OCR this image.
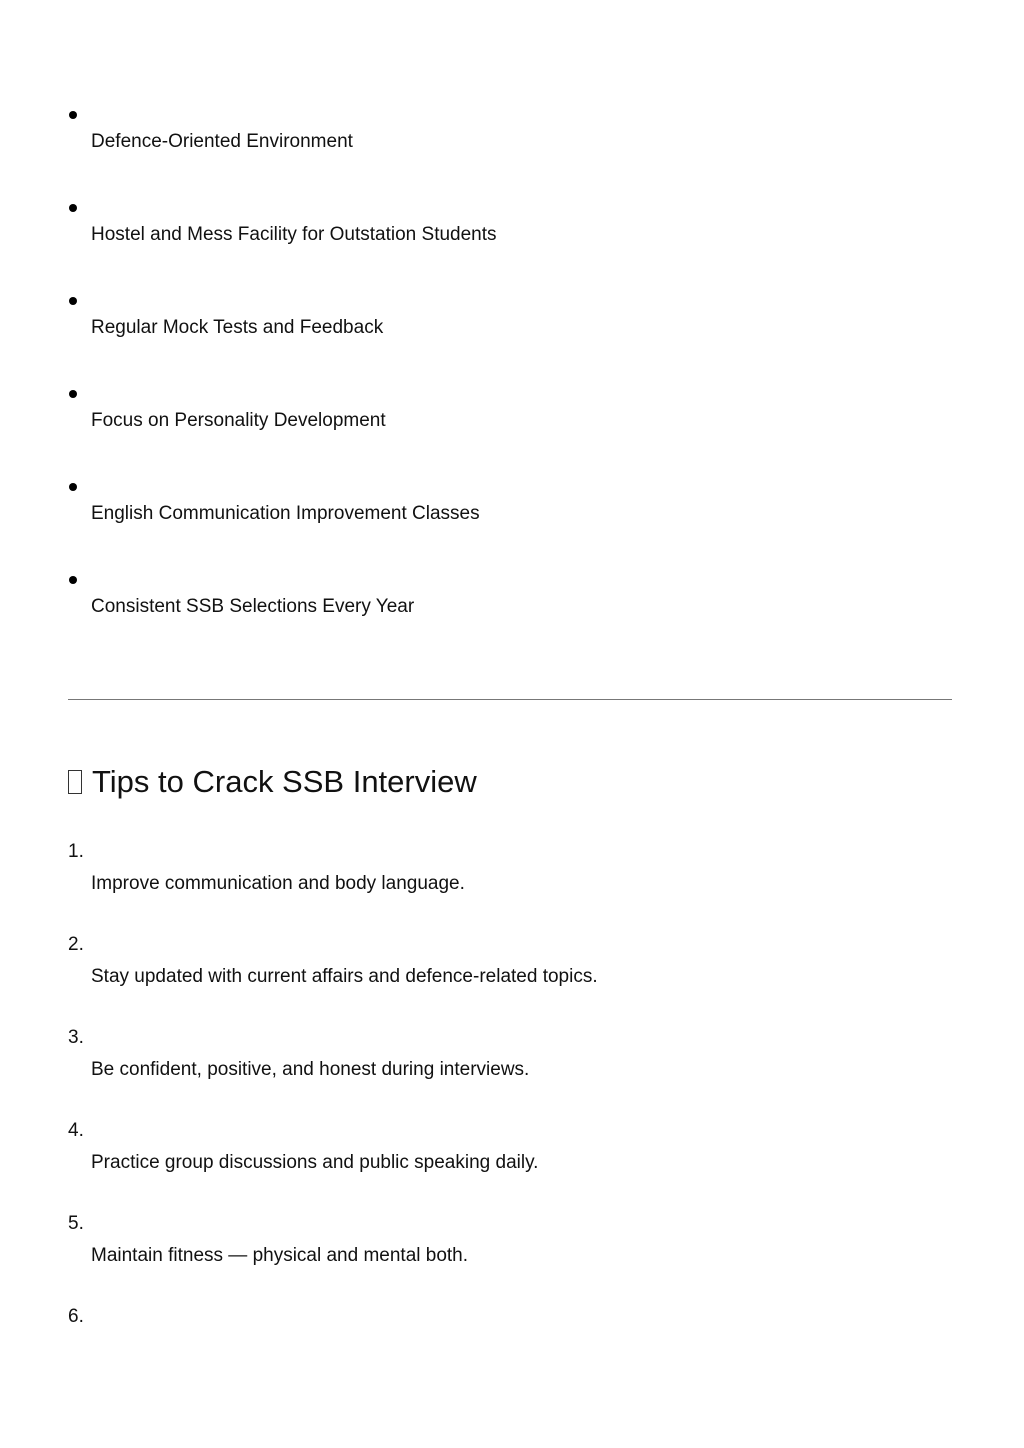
Defence-Oriented Environment
Hostel and Mess Facility for Outstation Students
Regular Mock Tests and Feedback
Focus on Personality Development
English Communication Improvement Classes
Consistent SSB Selections Every Year
Tips to Crack SSB Interview
1.
Improve communication and body language.
2.
Stay updated with current affairs and defence-related topics.
3.
Be confident, positive, and honest during interviews.
4.
Practice group discussions and public speaking daily.
5.
Maintain fitness — physical and mental both.
6.
